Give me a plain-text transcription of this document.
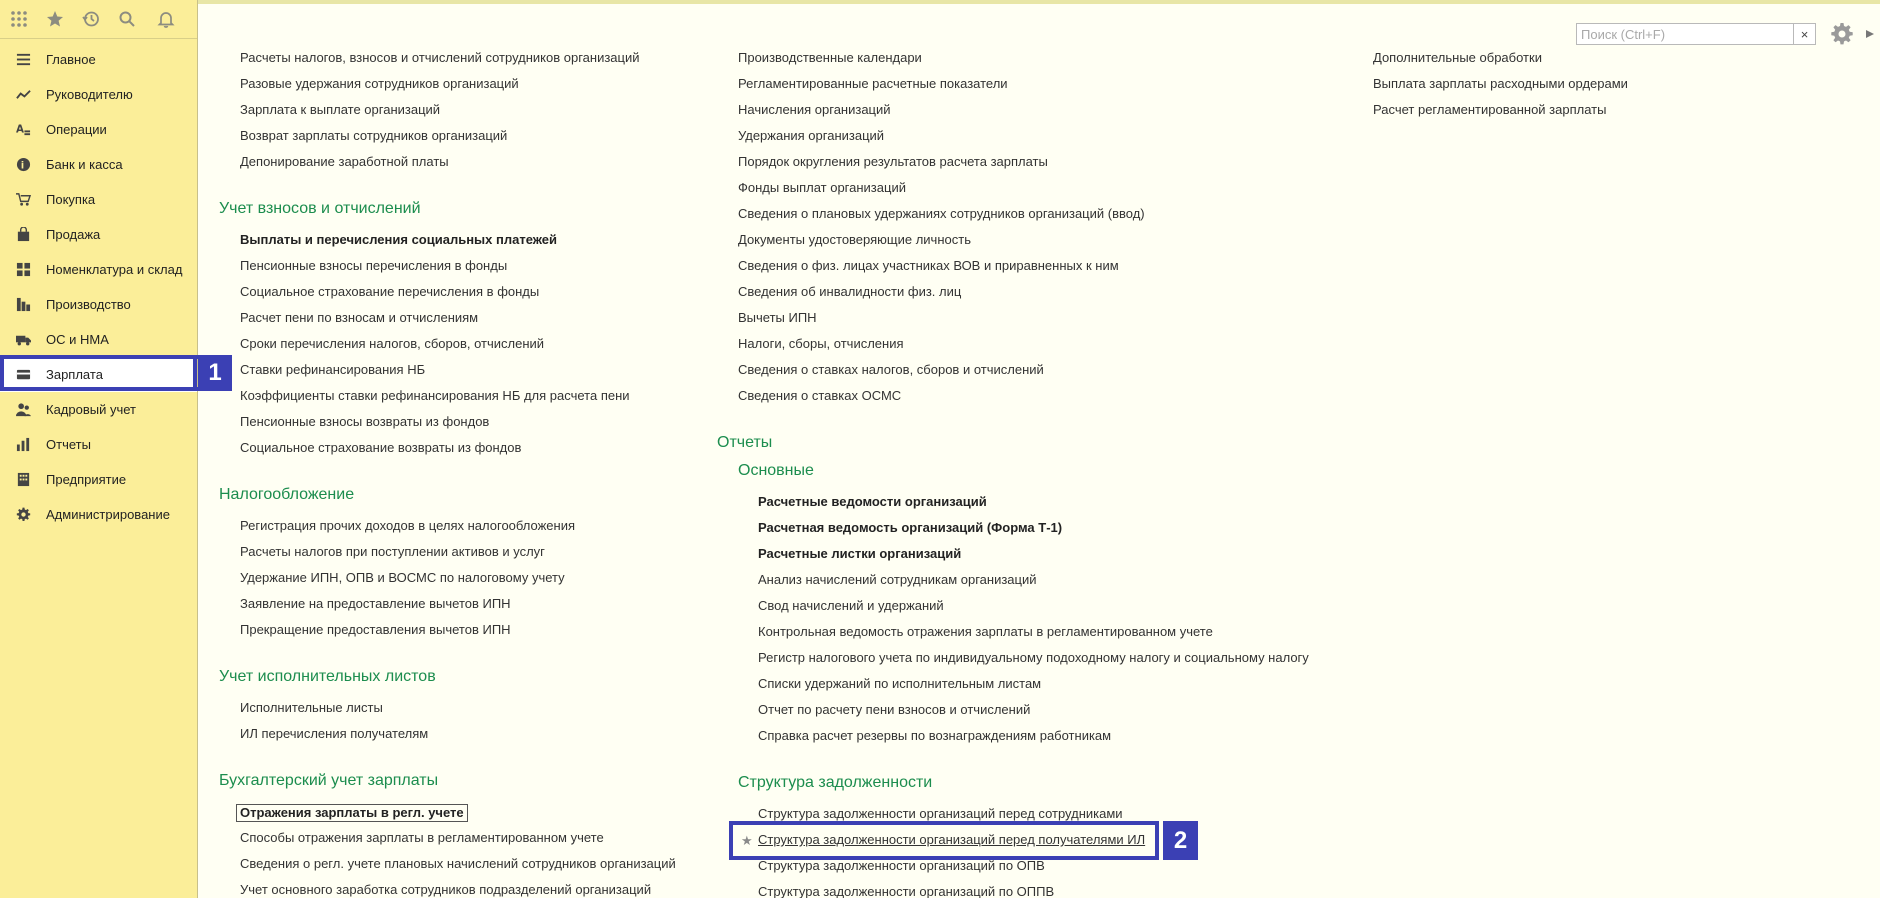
Главное
Руководителю
A Операции
i Банк и касса
Покупка
Продажа
Номенклатура и склад
Производство
ОС и НМА
Зарплата
Кадровый учет
Отчеты
Предприятие
Администрирование
1
2
Поиск (Ctrl+F)
×
Расчеты налогов, взносов и отчислений сотрудников организаций
Разовые удержания сотрудников организаций
Зарплата к выплате организаций
Возврат зарплаты сотрудников организаций
Депонирование заработной платы
Учет взносов и отчислений
Выплаты и перечисления социальных платежей
Пенсионные взносы перечисления в фонды
Социальное страхование перечисления в фонды
Расчет пени по взносам и отчислениям
Сроки перечисления налогов, сборов, отчислений
Ставки рефинансирования НБ
Коэффициенты ставки рефинансирования НБ для расчета пени
Пенсионные взносы возвраты из фондов
Социальное страхование возвраты из фондов
Налогообложение
Регистрация прочих доходов в целях налогообложения
Расчеты налогов при поступлении активов и услуг
Удержание ИПН, ОПВ и ВОСМС по налоговому учету
Заявление на предоставление вычетов ИПН
Прекращение предоставления вычетов ИПН
Учет исполнительных листов
Исполнительные листы
ИЛ перечисления получателям
Бухгалтерский учет зарплаты
Отражения зарплаты в регл. учете
Способы отражения зарплаты в регламентированном учете
Сведения о регл. учете плановых начислений сотрудников организаций
Учет основного заработка сотрудников подразделений организаций
Производственные календари
Регламентированные расчетные показатели
Начисления организаций
Удержания организаций
Порядок округления результатов расчета зарплаты
Фонды выплат организаций
Сведения о плановых удержаниях сотрудников организаций (ввод)
Документы удостоверяющие личность
Сведения о физ. лицах участниках ВОВ и приравненных к ним
Сведения об инвалидности физ. лиц
Вычеты ИПН
Налоги, сборы, отчисления
Сведения о ставках налогов, сборов и отчислений
Сведения о ставках ОСМС
Отчеты
Основные
Расчетные ведомости организаций
Расчетная ведомость организаций (Форма Т-1)
Расчетные листки организаций
Анализ начислений сотрудникам организаций
Свод начислений и удержаний
Контрольная ведомость отражения зарплаты в регламентированном учете
Регистр налогового учета по индивидуальному подоходному налогу и социальному налогу
Списки удержаний по исполнительным листам
Отчет по расчету пени взносов и отчислений
Справка расчет резервы по вознаграждениям работникам
Структура задолженности
Структура задолженности организаций перед сотрудниками
Структура задолженности организаций перед получателями ИЛ
Структура задолженности организаций по ОПВ
Структура задолженности организаций по ОППВ
★
Дополнительные обработки
Выплата зарплаты расходными ордерами
Расчет регламентированной зарплаты
